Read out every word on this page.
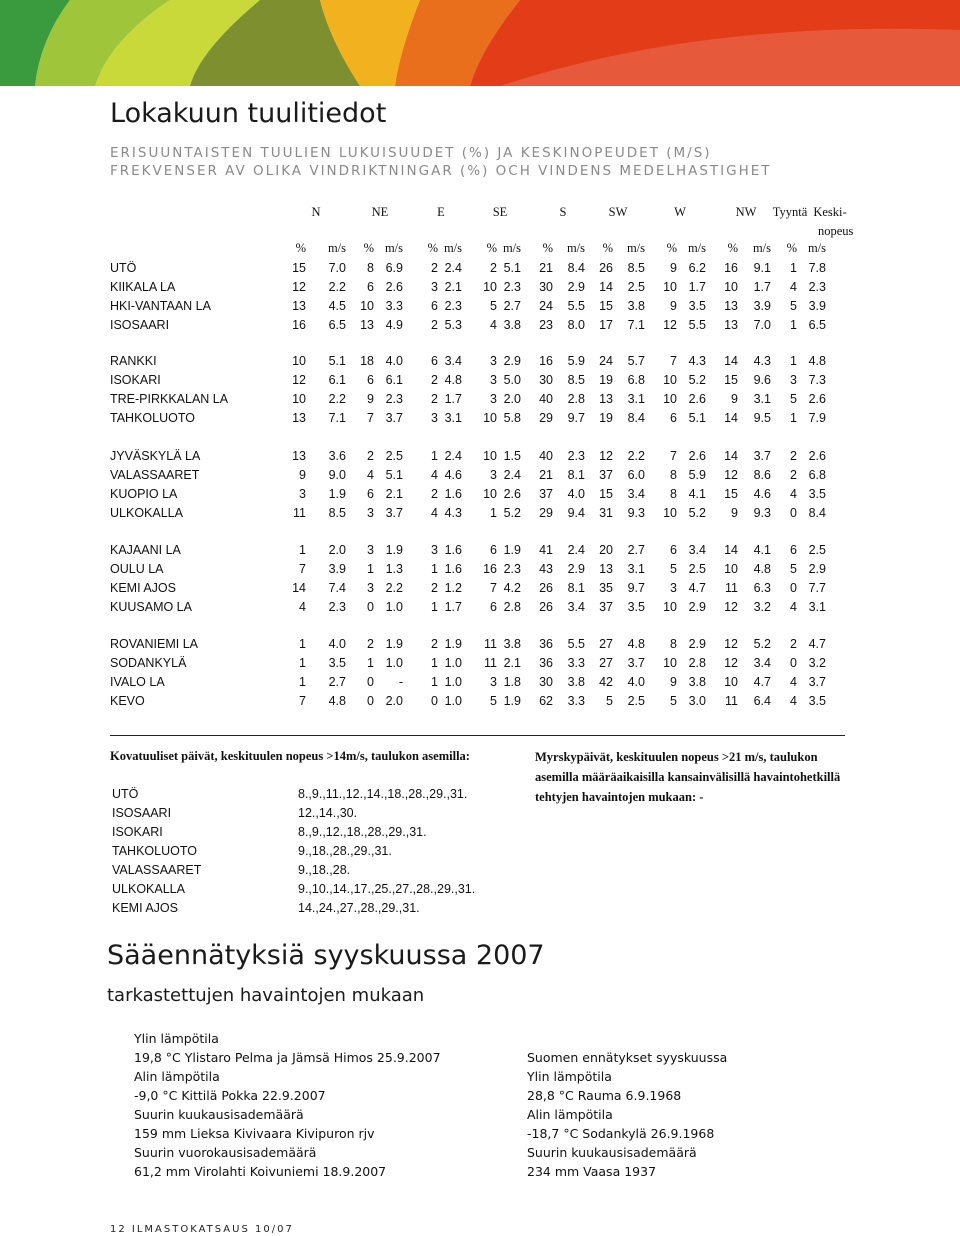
Lokakuun tuulitiedot
ERISUUNTAISTEN TUULIEN LUKUISUUDET (%) JA KESKINOPEUDET (M/S)
FREKVENSER AV OLIKA VINDRIKTNINGAR (%) OCH VINDENS MEDELHASTIGHET
N	NE	E	SE	S	SW	W	NW	Tyyntä Keski-
nopeus
%	m/s	% m/s	% m/s	% m/s	%	m/s	%	m/s	% m/s	%	m/s	% m/s
UTÖ	15	7.0	8 6.9	2 2.4	2 5.1	21	8.4	26	8.5	9 6.2	16	9.1	1 7.8
KIIKALA LA	12	2.2	6 2.6	3 2.1	10 2.3	30	2.9	14	2.5	10 1.7	10	1.7	4 2.3
HKI-VANTAAN LA	13	4.5	10 3.3	6 2.3	5 2.7	24	5.5	15	3.8	9 3.5	13	3.9	5 3.9
ISOSAARI	16	6.5	13 4.9	2 5.3	4 3.8	23	8.0	17	7.1	12 5.5	13	7.0	1 6.5
RANKKI	10	5.1	18 4.0	6 3.4	3 2.9	16	5.9	24	5.7	7 4.3	14	4.3	1 4.8
ISOKARI	12	6.1	6 6.1	2 4.8	3 5.0	30	8.5	19	6.8	10 5.2	15	9.6	3 7.3
TRE-PIRKKALAN LA	10	2.2	9 2.3	2 1.7	3 2.0	40	2.8	13	3.1	10 2.6	9	3.1	5 2.6
TAHKOLUOTO	13	7.1	7 3.7	3 3.1	10 5.8	29	9.7	19	8.4	6 5.1	14	9.5	1 7.9
JYVÄSKYLÄ LA	13	3.6	2 2.5	1 2.4	10 1.5	40	2.3	12	2.2	7 2.6	14	3.7	2 2.6
VALASSAARET	9	9.0	4 5.1	4 4.6	3 2.4	21	8.1	37	6.0	8 5.9	12	8.6	2 6.8
KUOPIO LA	3	1.9	6 2.1	2 1.6	10 2.6	37	4.0	15	3.4	8 4.1	15	4.6	4 3.5
ULKOKALLA	11	8.5	3 3.7	4 4.3	1 5.2	29	9.4	31	9.3	10 5.2	9	9.3	0 8.4
KAJAANI LA	1	2.0	3 1.9	3 1.6	6 1.9	41	2.4	20	2.7	6 3.4	14	4.1	6 2.5
OULU LA	7	3.9	1 1.3	1 1.6	16 2.3	43	2.9	13	3.1	5 2.5	10	4.8	5 2.9
KEMI AJOS	14	7.4	3 2.2	2 1.2	7 4.2	26	8.1	35	9.7	3 4.7	11	6.3	0 7.7
KUUSAMO LA	4	2.3	0 1.0	1 1.7	6 2.8	26	3.4	37	3.5	10 2.9	12	3.2	4 3.1
ROVANIEMI LA	1	4.0	2 1.9	2 1.9	11 3.8	36	5.5	27	4.8	8 2.9	12	5.2	2 4.7
SODANKYLÄ	1	3.5	1 1.0	1 1.0	11 2.1	36	3.3	27	3.7	10 2.8	12	3.4	0 3.2
IVALO LA	1	2.7	0	-	1 1.0	3 1.8	30	3.8	42	4.0	9 3.8	10	4.7	4 3.7
KEVO	7	4.8	0 2.0	0 1.0	5 1.9	62	3.3	5	2.5	5 3.0	11	6.4	4 3.5
Kovatuuliset päivät, keskituulen nopeus >14m/s, taulukon asemilla:
UTÖ	8.,9.,11.,12.,14.,18.,28.,29.,31.
ISOSAARI	12.,14.,30.
ISOKARI	8.,9.,12.,18.,28.,29.,31.
TAHKOLUOTO	9.,18.,28.,29.,31.
VALASSAARET	9.,18.,28.
ULKOKALLA	9.,10.,14.,17.,25.,27.,28.,29.,31.
KEMI AJOS	14.,24.,27.,28.,29.,31.
Myrskypäivät, keskituulen nopeus >21 m/s, taulukon
asemilla määräaikaisilla kansainvälisillä havaintohetkillä
tehtyjen havaintojen mukaan: -
Sääennätyksiä syyskuussa 2007
tarkastettujen havaintojen mukaan
Ylin lämpötila
19,8 °C Ylistaro Pelma ja Jämsä Himos 25.9.2007
Alin lämpötila
-9,0 °C Kittilä Pokka 22.9.2007
Suurin kuukausisademäärä
159 mm Lieksa Kivivaara Kivipuron rjv
Suurin vuorokausisademäärä
61,2 mm Virolahti Koivuniemi 18.9.2007
Suomen ennätykset syyskuussa
Ylin lämpötila
28,8 °C Rauma 6.9.1968
Alin lämpötila
-18,7 °C Sodankylä 26.9.1968
Suurin kuukausisademäärä
234 mm Vaasa 1937
12 ILMASTOKATSAUS 10/07
